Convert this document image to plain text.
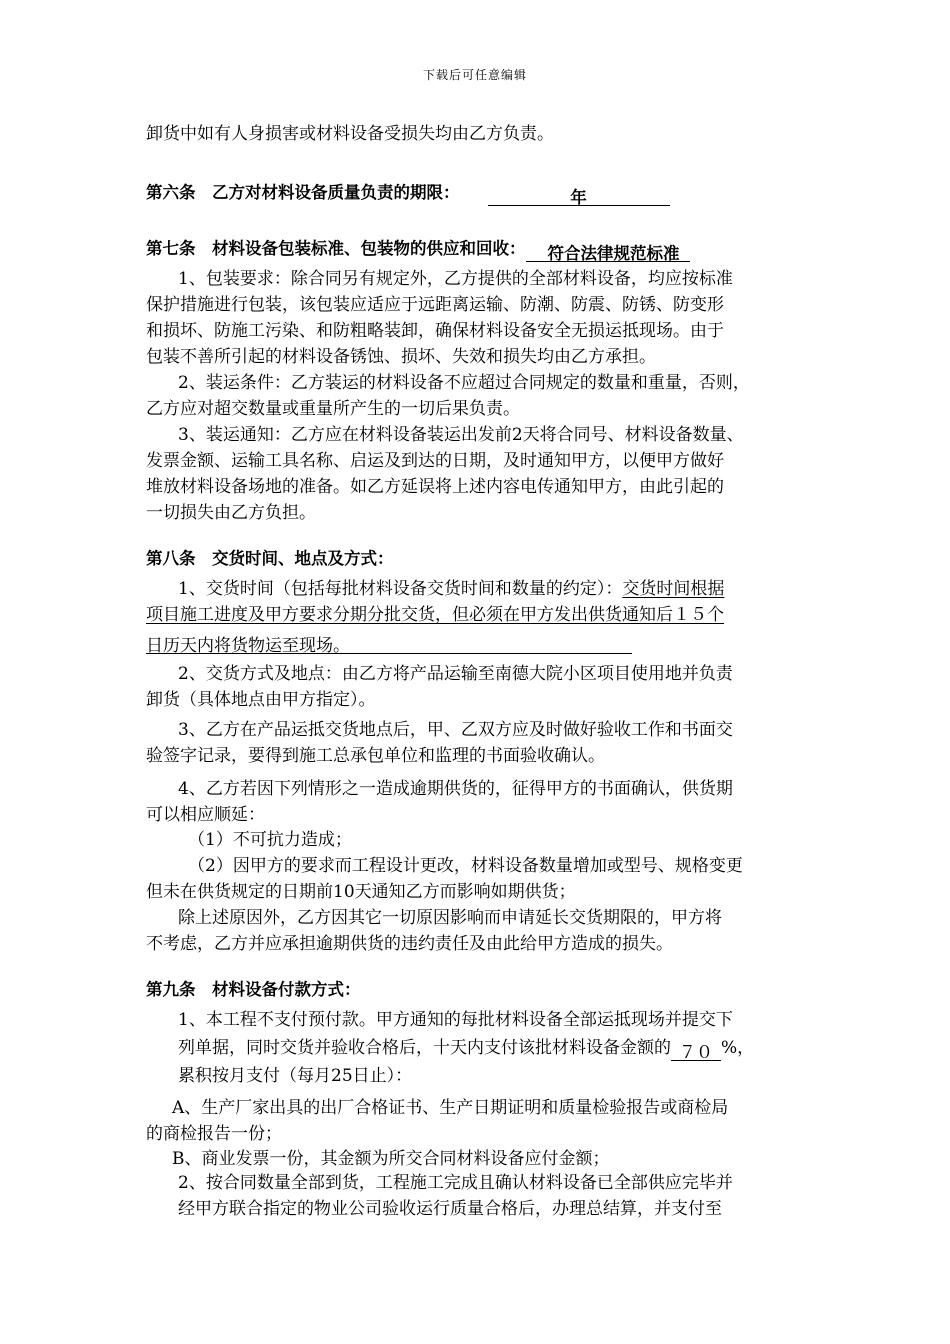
下载后可任意编辑
卸货中如有人身损害或材料设备受损失均由乙方负责。
第六条　乙方对材料设备质量负责的期限：	年
第七条　材料设备包装标准、包装物的供应和回收： 符合法律规范标准
1、包装要求：除合同另有规定外，乙方提供的全部材料设备，均应按标准
保护措施进行包装，该包装应适应于远距离运输、防潮、防震、防锈、防变形
和损坏、防施工污染、和防粗略装卸，确保材料设备安全无损运抵现场。由于
包装不善所引起的材料设备锈蚀、损坏、失效和损失均由乙方承担。
2、装运条件：乙方装运的材料设备不应超过合同规定的数量和重量，否则，
乙方应对超交数量或重量所产生的一切后果负责。
3、装运通知：乙方应在材料设备装运出发前2天将合同号、材料设备数量、
发票金额、运输工具名称、启运及到达的日期，及时通知甲方，以便甲方做好
堆放材料设备场地的准备。如乙方延误将上述内容电传通知甲方，由此引起的
一切损失由乙方负担。
第八条　交货时间、地点及方式：
1、交货时间（包括每批材料设备交货时间和数量的约定）：交货时间根据
项目施工进度及甲方要求分期分批交货，但必须在甲方发出供货通知后１５个
日历天内将货物运至现场。
2、交货方式及地点：由乙方将产品运输至南德大院小区项目使用地并负责
卸货（具体地点由甲方指定）。
3、乙方在产品运抵交货地点后，甲、乙双方应及时做好验收工作和书面交
验签字记录，要得到施工总承包单位和监理的书面验收确认。
4、乙方若因下列情形之一造成逾期供货的，征得甲方的书面确认，供货期
可以相应顺延：
（1）不可抗力造成；
（2）因甲方的要求而工程设计更改，材料设备数量增加或型号、规格变更
但未在供货规定的日期前10天通知乙方而影响如期供货；
除上述原因外，乙方因其它一切原因影响而申请延长交货期限的，甲方将
不考虑，乙方并应承担逾期供货的违约责任及由此给甲方造成的损失。
第九条　材料设备付款方式：
1、本工程不支付预付款。甲方通知的每批材料设备全部运抵现场并提交下
列单据，同时交货并验收合格后，十天内支付该批材料设备金额的 ７０ %，
累积按月支付（每月25日止）：
A、生产厂家出具的出厂合格证书、生产日期证明和质量检验报告或商检局
的商检报告一份；
B、商业发票一份，其金额为所交合同材料设备应付金额；
2、按合同数量全部到货，工程施工完成且确认材料设备已全部供应完毕并
经甲方联合指定的物业公司验收运行质量合格后，办理总结算，并支付至
